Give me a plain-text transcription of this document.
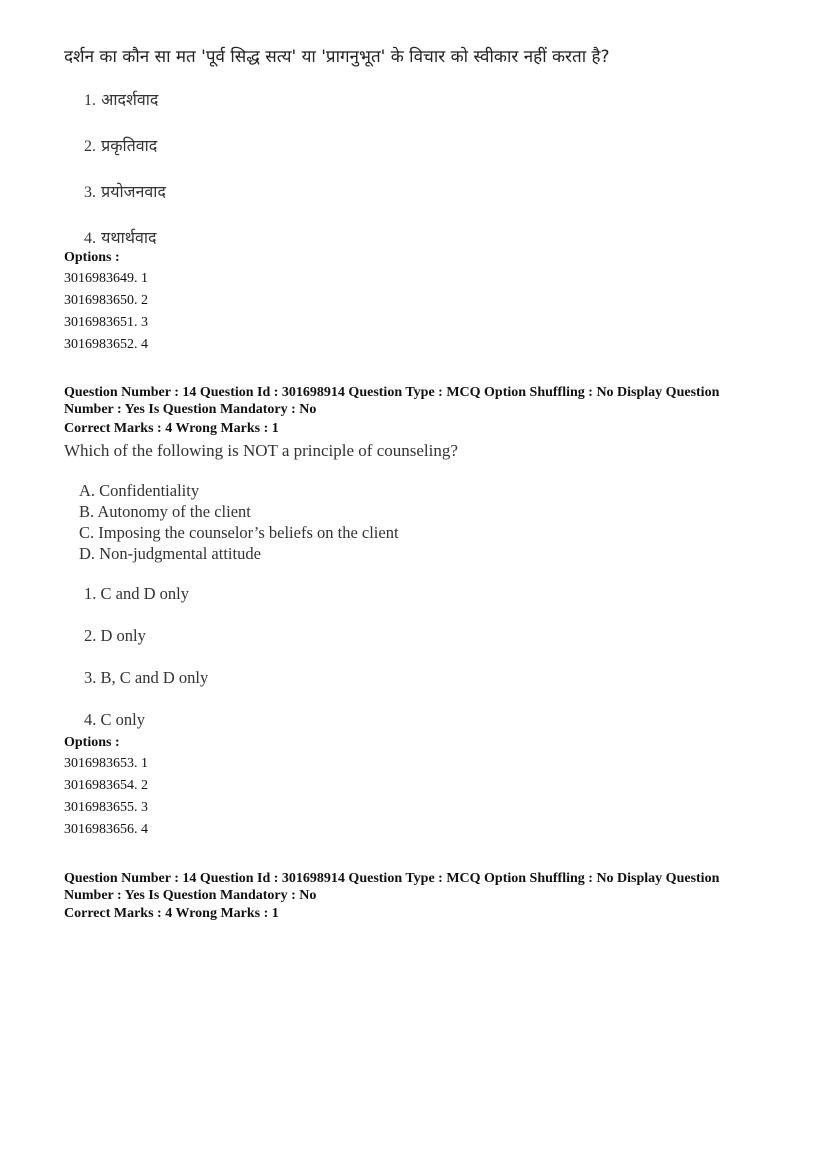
दर्शन का कौन सा मत 'पूर्व सिद्ध सत्य' या 'प्रागनुभूत' के विचार को स्वीकार नहीं करता है?
1. आदर्शवाद
2. प्रकृतिवाद
3. प्रयोजनवाद
4. यथार्थवाद
Options :
3016983649. 1
3016983650. 2
3016983651. 3
3016983652. 4
Question Number : 14 Question Id : 301698914 Question Type : MCQ Option Shuffling : No Display Question
Number : Yes Is Question Mandatory : No
Correct Marks : 4 Wrong Marks : 1
Which of the following is NOT a principle of counseling?
A. Confidentiality
B. Autonomy of the client
C. Imposing the counselor’s beliefs on the client
D. Non-judgmental attitude
1. C and D only
2. D only
3. B, C and D only
4. C only
Options :
3016983653. 1
3016983654. 2
3016983655. 3
3016983656. 4
Question Number : 14 Question Id : 301698914 Question Type : MCQ Option Shuffling : No Display Question
Number : Yes Is Question Mandatory : No
Correct Marks : 4 Wrong Marks : 1
